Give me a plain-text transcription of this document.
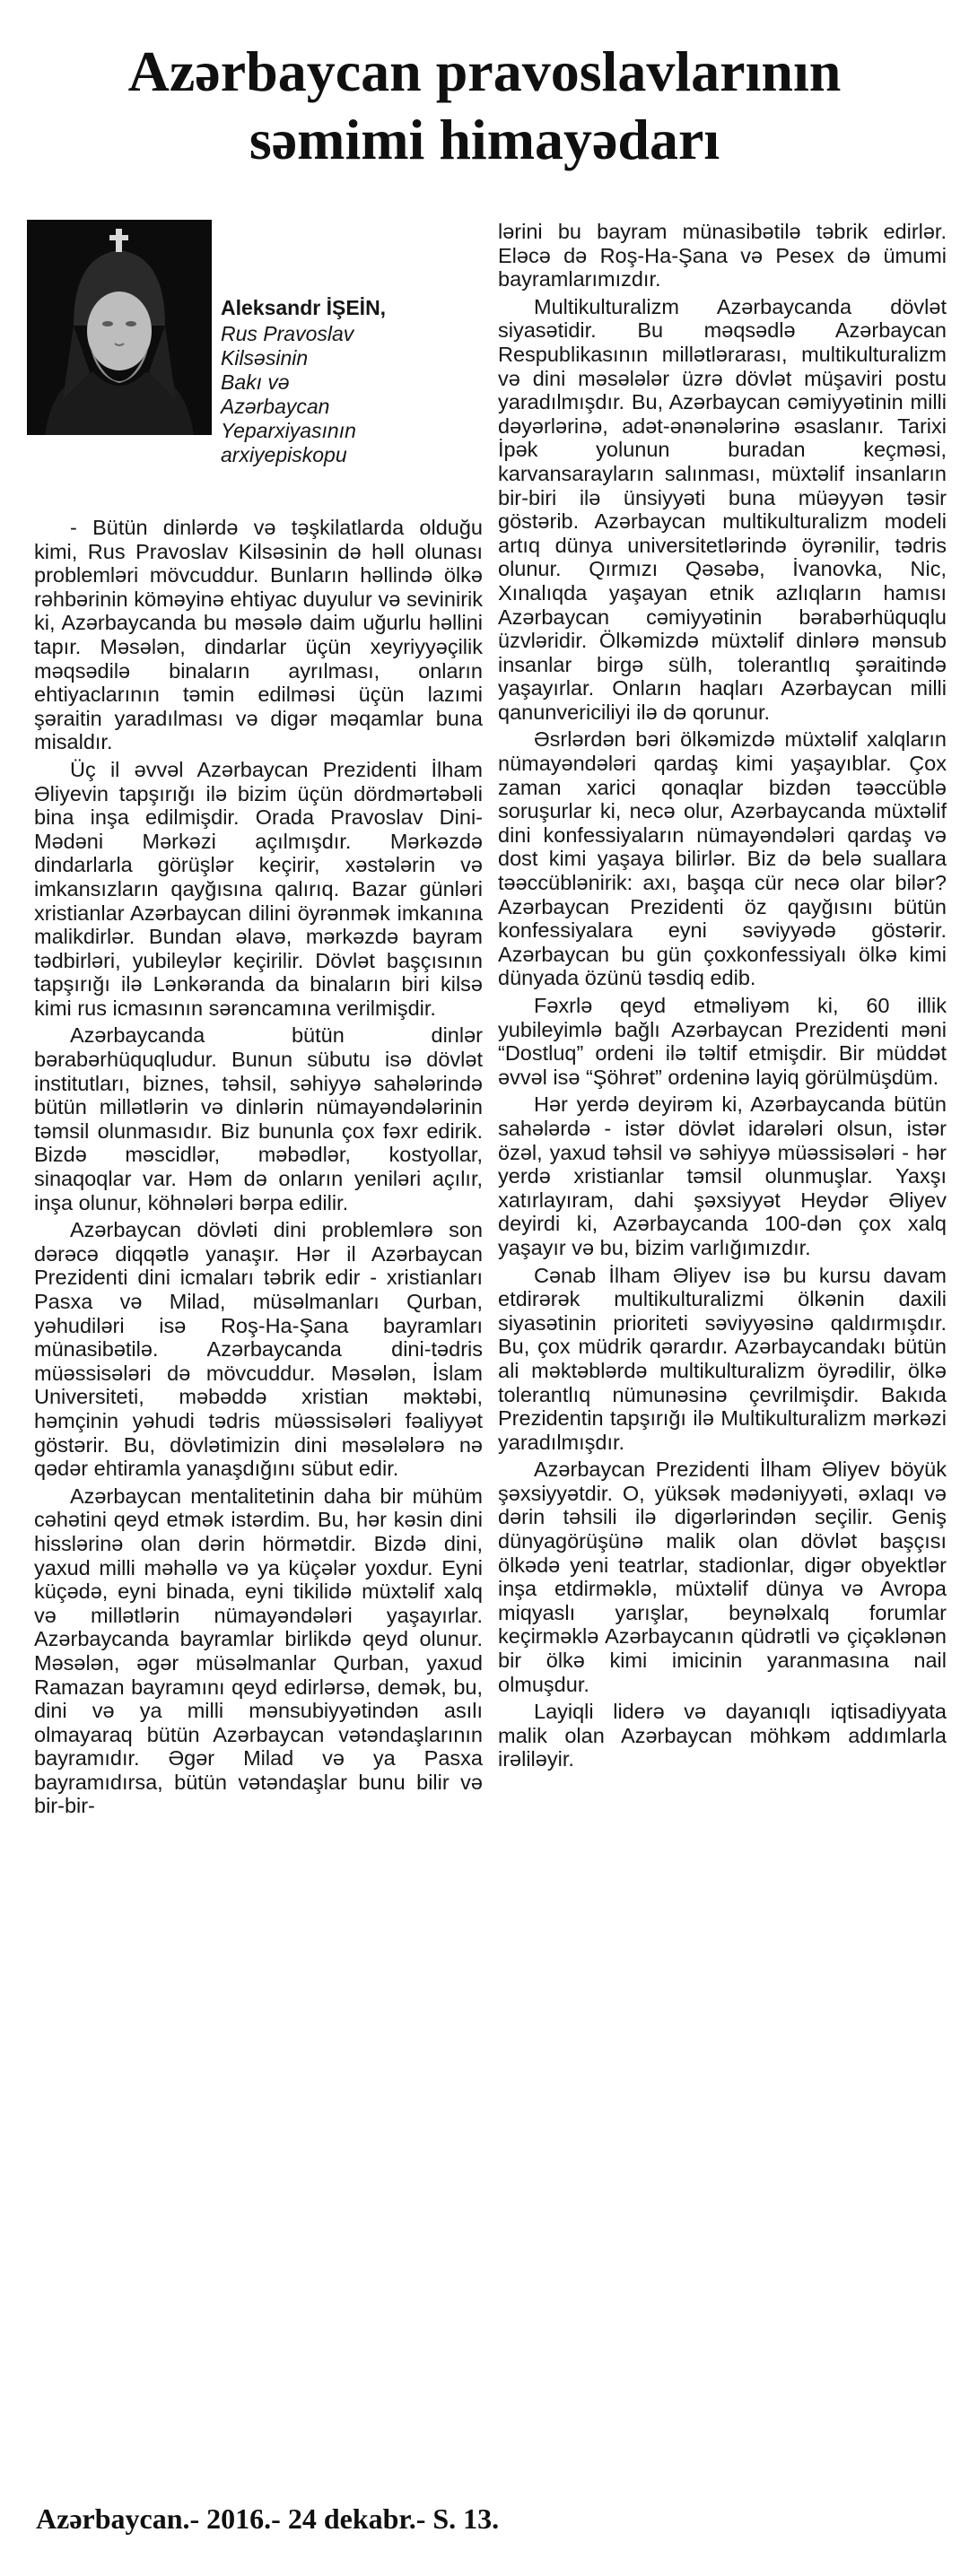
Azərbaycan pravoslavlarının
səmimi himayədarı
Aleksandr İŞEİN,
Rus Pravoslav
Kilsəsinin
Bakı və
Azərbaycan
Yeparxiyasının
arxiyepiskopu

- Bütün dinlərdə və təşkilatlarda olduğu kimi, Rus Pravoslav Kilsəsinin də həll olunası problemləri mövcuddur. Bunların həllində ölkə rəhbərinin köməyinə ehtiyac duyulur və sevinirik ki, Azərbaycanda bu məsələ daim uğurlu həllini tapır. Məsələn, dindarlar üçün xeyriyyəçilik məqsədilə binaların ayrılması, onların ehtiyaclarının təmin edilməsi üçün lazımi şəraitin yaradılması və digər məqamlar buna misaldır.

Üç il əvvəl Azərbaycan Prezidenti İlham Əliyevin tapşırığı ilə bizim üçün dördmərtəbəli bina inşa edilmişdir. Orada Pravoslav Dini-Mədəni Mərkəzi açılmışdır. Mərkəzdə dindarlarla görüşlər keçirir, xəstələrin və imkansızların qayğısına qalırıq. Bazar günləri xristianlar Azərbaycan dilini öyrənmək imkanına malikdirlər. Bundan əlavə, mərkəzdə bayram tədbirləri, yubileylər keçirilir. Dövlət başçısının tapşırığı ilə Lənkəranda da binaların biri kilsə kimi rus icmasının sərəncamına verilmişdir.

Azərbaycanda bütün dinlər bərabərhüquqludur. Bunun sübutu isə dövlət institutları, biznes, təhsil, səhiyyə sahələrində bütün millətlərin və dinlərin nümayəndələrinin təmsil olunmasıdır. Biz bununla çox fəxr edirik. Bizdə məscidlər, məbədlər, kostyollar, sinaqoqlar var. Həm də onların yeniləri açılır, inşa olunur, köhnələri bərpa edilir.

Azərbaycan dövləti dini problemlərə son dərəcə diqqətlə yanaşır. Hər il Azərbaycan Prezidenti dini icmaları təbrik edir - xristianları Pasxa və Milad, müsəlmanları Qurban, yəhudiləri isə Roş-Ha-Şana bayramları münasibətilə. Azərbaycanda dini-tədris müəssisələri də mövcuddur. Məsələn, İslam Universiteti, məbəddə xristian məktəbi, həmçinin yəhudi tədris müəssisələri fəaliyyət göstərir. Bu, dövlətimizin dini məsələlərə nə qədər ehtiramla yanaşdığını sübut edir.

Azərbaycan mentalitetinin daha bir mühüm cəhətini qeyd etmək istərdim. Bu, hər kəsin dini hisslərinə olan dərin hörmətdir. Bizdə dini, yaxud milli məhəllə və ya küçələr yoxdur. Eyni küçədə, eyni binada, eyni tikilidə müxtəlif xalq və millətlərin nümayəndələri yaşayırlar. Azərbaycanda bayramlar birlikdə qeyd olunur. Məsələn, əgər müsəlmanlar Qurban, yaxud Ramazan bayramını qeyd edirlərsə, demək, bu, dini və ya milli mənsubiyyətindən asılı olmayaraq bütün Azərbaycan vətəndaşlarının bayramıdır. Əgər Milad və ya Pasxa bayramıdırsa, bütün vətəndaşlar bunu bilir və bir-bir-

lərini bu bayram münasibətilə təbrik edirlər. Eləcə də Roş-Ha-Şana və Pesex də ümumi bayramlarımızdır.

Multikulturalizm Azərbaycanda dövlət siyasətidir. Bu məqsədlə Azərbaycan Respublikasının millətlərarası, multikulturalizm və dini məsələlər üzrə dövlət müşaviri postu yaradılmışdır. Bu, Azərbaycan cəmiyyətinin milli dəyərlərinə, adət-ənənələrinə əsaslanır. Tarixi İpək yolunun buradan keçməsi, karvansarayların salınması, müxtəlif insanların bir-biri ilə ünsiyyəti buna müəyyən təsir göstərib. Azərbaycan multikulturalizm modeli artıq dünya universitetlərində öyrənilir, tədris olunur. Qırmızı Qəsəbə, İvanovka, Nic, Xınalıqda yaşayan etnik azlıqların hamısı Azərbaycan cəmiyyətinin bərabərhüquqlu üzvləridir. Ölkəmizdə müxtəlif dinlərə mənsub insanlar birgə sülh, tolerantlıq şəraitində yaşayırlar. Onların haqları Azərbaycan milli qanunvericiliyi ilə də qorunur.

Əsrlərdən bəri ölkəmizdə müxtəlif xalqların nümayəndələri qardaş kimi yaşayıblar. Çox zaman xarici qonaqlar bizdən təəccüblə soruşurlar ki, necə olur, Azərbaycanda müxtəlif dini konfessiyaların nümayəndələri qardaş və dost kimi yaşaya bilirlər. Biz də belə suallara təəccüblənirik: axı, başqa cür necə olar bilər? Azərbaycan Prezidenti öz qayğısını bütün konfessiyalara eyni səviyyədə göstərir. Azərbaycan bu gün çoxkonfessiyalı ölkə kimi dünyada özünü təsdiq edib.

Fəxrlə qeyd etməliyəm ki, 60 illik yubileyimlə bağlı Azərbaycan Prezidenti məni “Dostluq” ordeni ilə təltif etmişdir. Bir müddət əvvəl isə “Şöhrət” ordeninə layiq görülmüşdüm.

Hər yerdə deyirəm ki, Azərbaycanda bütün sahələrdə - istər dövlət idarələri olsun, istər özəl, yaxud təhsil və səhiyyə müəssisələri - hər yerdə xristianlar təmsil olunmuşlar. Yaxşı xatırlayıram, dahi şəxsiyyət Heydər Əliyev deyirdi ki, Azərbaycanda 100-dən çox xalq yaşayır və bu, bizim varlığımızdır.

Cənab İlham Əliyev isə bu kursu davam etdirərək multikulturalizmi ölkənin daxili siyasətinin prioriteti səviyyəsinə qaldırmışdır. Bu, çox müdrik qərardır. Azərbaycandakı bütün ali məktəblərdə multikulturalizm öyrədilir, ölkə tolerantlıq nümunəsinə çevrilmişdir. Bakıda Prezidentin tapşırığı ilə Multikulturalizm mərkəzi yaradılmışdır.

Azərbaycan Prezidenti İlham Əliyev böyük şəxsiyyətdir. O, yüksək mədəniyyəti, əxlaqı və dərin təhsili ilə digərlərindən seçilir. Geniş dünyagörüşünə malik olan dövlət başçısı ölkədə yeni teatrlar, stadionlar, digər obyektlər inşa etdirməklə, müxtəlif dünya və Avropa miqyaslı yarışlar, beynəlxalq forumlar keçirməklə Azərbaycanın qüdrətli və çiçəklənən bir ölkə kimi imicinin yaranmasına nail olmuşdur.

Layiqli liderə və dayanıqlı iqtisadiyyata malik olan Azərbaycan möhkəm addımlarla irəliləyir.

Azərbaycan.- 2016.- 24 dekabr.- S. 13.
